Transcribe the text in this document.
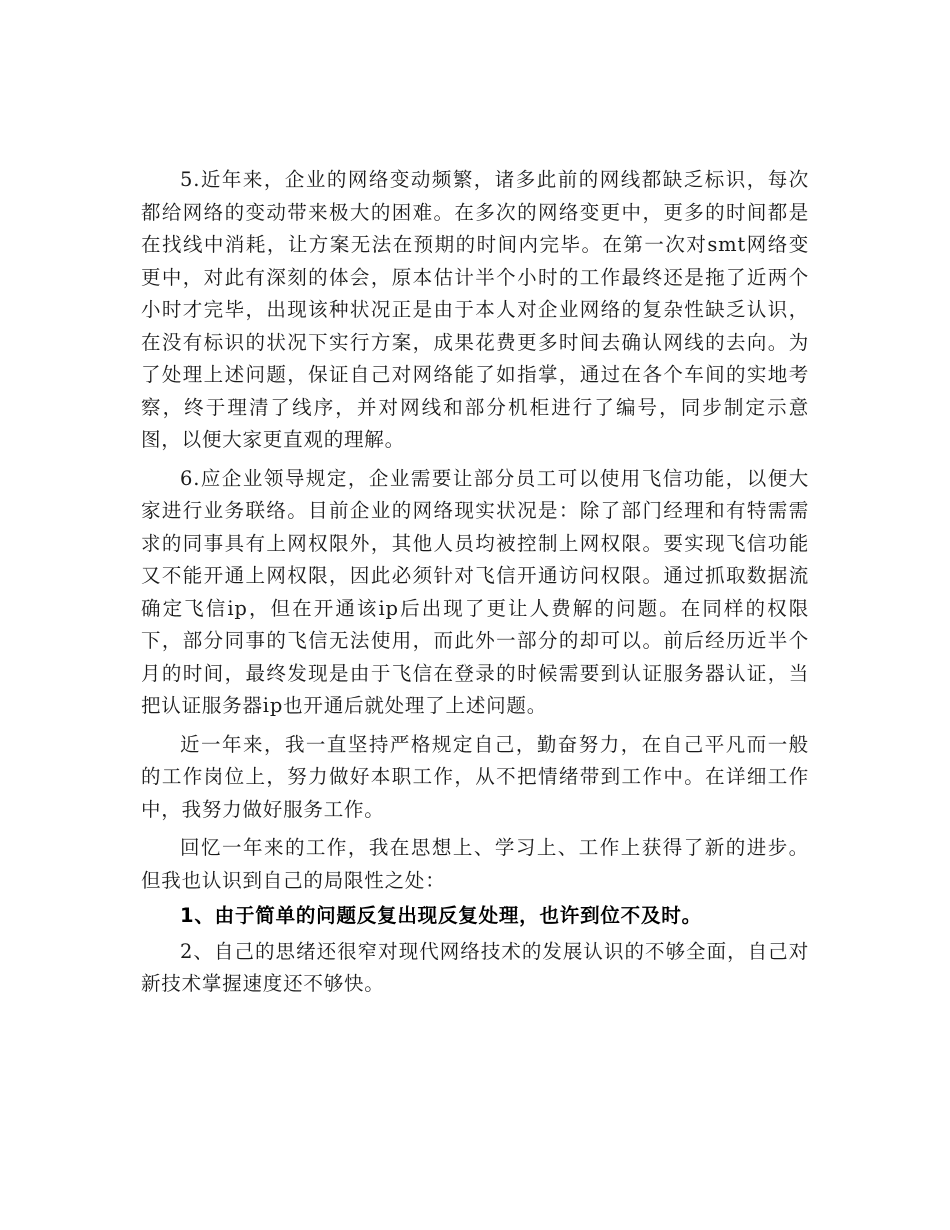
5.近年来，企业的网络变动频繁，诸多此前的网线都缺乏标识，每次都给网络的变动带来极大的困难。在多次的网络变更中，更多的时间都是在找线中消耗，让方案无法在预期的时间内完毕。在第一次对smt网络变更中，对此有深刻的体会，原本估计半个小时的工作最终还是拖了近两个小时才完毕，出现该种状况正是由于本人对企业网络的复杂性缺乏认识，在没有标识的状况下实行方案，成果花费更多时间去确认网线的去向。为了处理上述问题，保证自己对网络能了如指掌，通过在各个车间的实地考察，终于理清了线序，并对网线和部分机柜进行了编号，同步制定示意图，以便大家更直观的理解。

6.应企业领导规定，企业需要让部分员工可以使用飞信功能，以便大家进行业务联络。目前企业的网络现实状况是：除了部门经理和有特需需求的同事具有上网权限外，其他人员均被控制上网权限。要实现飞信功能又不能开通上网权限，因此必须针对飞信开通访问权限。通过抓取数据流确定飞信ip，但在开通该ip后出现了更让人费解的问题。在同样的权限下，部分同事的飞信无法使用，而此外一部分的却可以。前后经历近半个月的时间，最终发现是由于飞信在登录的时候需要到认证服务器认证，当把认证服务器ip也开通后就处理了上述问题。

近一年来，我一直坚持严格规定自己，勤奋努力，在自己平凡而一般的工作岗位上，努力做好本职工作，从不把情绪带到工作中。在详细工作中，我努力做好服务工作。

回忆一年来的工作，我在思想上、学习上、工作上获得了新的进步。但我也认识到自己的局限性之处：

1、由于简单的问题反复出现反复处理，也许到位不及时。

2、自己的思绪还很窄对现代网络技术的发展认识的不够全面，自己对新技术掌握速度还不够快。
